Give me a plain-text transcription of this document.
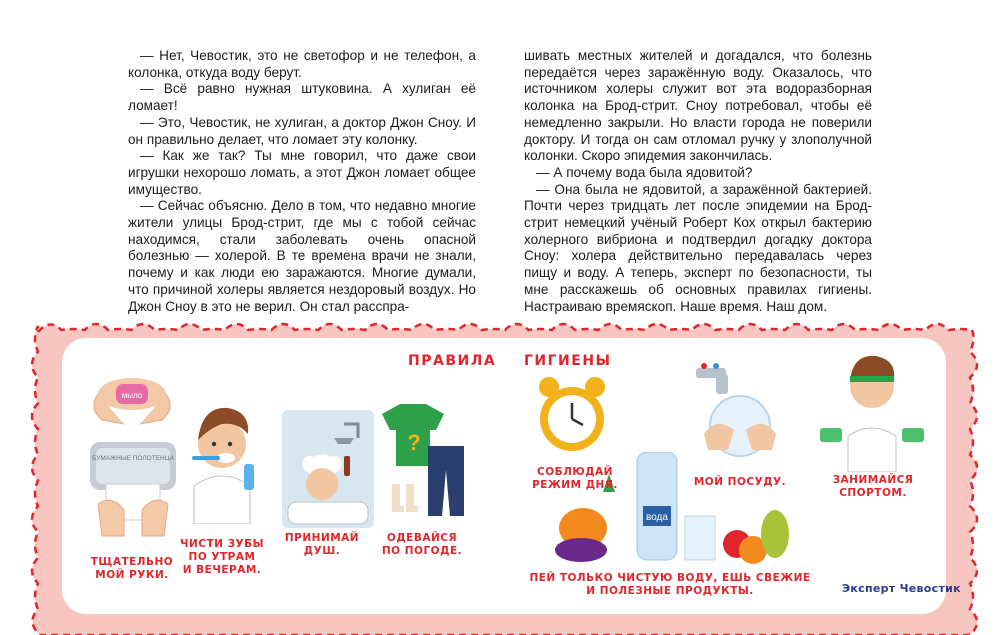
— Нет, Чевостик, это не светофор и не телефон, а колонка, откуда воду берут.

— Всё равно нужная штуковина. А хулиган её ломает!

— Это, Чевостик, не хулиган, а доктор Джон Сноу. И он правильно делает, что ломает эту колонку.

— Как же так? Ты мне говорил, что даже свои игрушки нехорошо ломать, а этот Джон ломает общее имущество.

— Сейчас объясню. Дело в том, что недавно многие жители улицы Брод-стрит, где мы с тобой сейчас находимся, стали заболевать очень опасной болезнью — холерой. В те времена врачи не знали, почему и как люди ею заражаются. Многие думали, что причиной холеры является нездоровый воздух. Но Джон Сноу в это не верил. Он стал расспра-

шивать местных жителей и догадался, что болезнь передаётся через заражённую воду. Оказалось, что источником холеры служит вот эта водоразборная колонка на Брод-стрит. Сноу потребовал, чтобы её немедленно закрыли. Но власти города не поверили доктору. И тогда он сам отломал ручку у злополучной колонки. Скоро эпидемия закончилась.

— А почему вода была ядовитой?

— Она была не ядовитой, а заражённой бактерией. Почти через тридцать лет после эпидемии на Брод-стрит немецкий учёный Роберт Кох открыл бактерию холерного вибриона и подтвердил догадку доктора Сноу: холера действительно передавалась через пищу и воду. А теперь, эксперт по безопасности, ты мне расскажешь об основных правилах гигиены. Настраиваю времяскоп. Наше время. Наш дом.

ПРАВИЛА ГИГИЕНЫ
мыло
БУМАЖНЫЕ ПОЛОТЕНЦА
?
вода
ТЩАТЕЛЬНО
МОЙ РУКИ.
ЧИСТИ ЗУБЫ
ПО УТРАМ
И ВЕЧЕРАМ.
ПРИНИМАЙ
ДУШ.
ОДЕВАЙСЯ
ПО ПОГОДЕ.
СОБЛЮДАЙ
РЕЖИМ ДНЯ.	МОЙ ПОСУДУ.	ЗАНИМАЙСЯ
СПОРТОМ.
ПЕЙ ТОЛЬКО ЧИСТУЮ ВОДУ, ЕШЬ СВЕЖИЕ
И ПОЛЕЗНЫЕ ПРОДУКТЫ.	Эксперт Чевостик
